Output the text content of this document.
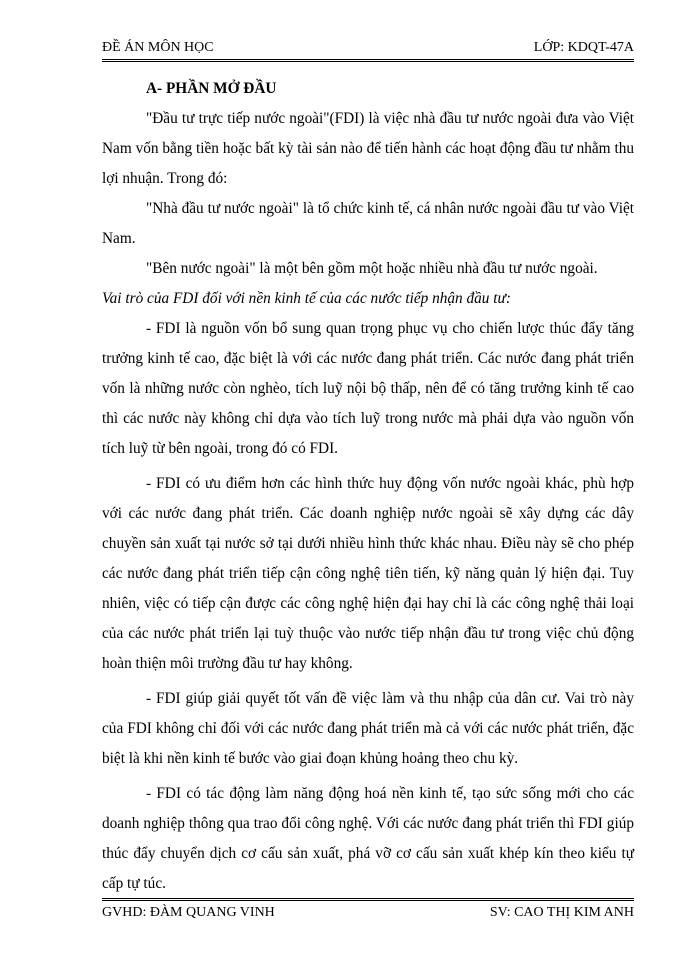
ĐỀ ÁN MÔN HỌC	LỚP: KDQT-47A

A- PHẦN MỞ ĐẦU

"Đầu tư trực tiếp nước ngoài"(FDI) là việc nhà đầu tư nước ngoài đưa vào Việt Nam vốn bằng tiền hoặc bất kỳ tài sản nào để tiến hành các hoạt động đầu tư nhằm thu lợi nhuận. Trong đó:

"Nhà đầu tư nước ngoài" là tổ chức kinh tế, cá nhân nước ngoài đầu tư vào Việt Nam.

"Bên nước ngoài" là một bên gồm một hoặc nhiều nhà đầu tư nước ngoài.

Vai trò của FDI đối với nền kinh tế của các nước tiếp nhận đầu tư:

- FDI là nguồn vốn bổ sung quan trọng phục vụ cho chiến lược thúc đẩy tăng trưởng kinh tế cao, đặc biệt là với các nước đang phát triển. Các nước đang phát triển vốn là những nước còn nghèo, tích luỹ nội bộ thấp, nên để có tăng trưởng kinh tế cao thì các nước này không chỉ dựa vào tích luỹ trong nước mà phải dựa vào nguồn vốn tích luỹ từ bên ngoài, trong đó có FDI.

- FDI có ưu điểm hơn các hình thức huy động vốn nước ngoài khác, phù hợp với các nước đang phát triển. Các doanh nghiệp nước ngoài sẽ xây dựng các dây chuyền sản xuất tại nước sở tại dưới nhiều hình thức khác nhau. Điều này sẽ cho phép các nước đang phát triển tiếp cận công nghệ tiên tiến, kỹ năng quản lý hiện đại. Tuy nhiên, việc có tiếp cận được các công nghệ hiện đại hay chỉ là các công nghệ thải loại của các nước phát triển lại tuỳ thuộc vào nước tiếp nhận đầu tư trong việc chủ động hoàn thiện môi trường đầu tư hay không.

- FDI giúp giải quyết tốt vấn đề việc làm và thu nhập của dân cư. Vai trò này của FDI không chỉ đối với các nước đang phát triển mà cả với các nước phát triển, đặc biệt là khi nền kinh tế bước vào giai đoạn khủng hoảng theo chu kỳ.

- FDI có tác động làm năng động hoá nền kinh tế, tạo sức sống mới cho các doanh nghiệp thông qua trao đổi công nghệ. Với các nước đang phát triển thì FDI giúp thúc đẩy chuyển dịch cơ cấu sản xuất, phá vỡ cơ cấu sản xuất khép kín theo kiểu tự cấp tự túc.

GVHD: ĐÀM QUANG VINH	SV: CAO THỊ KIM ANH
